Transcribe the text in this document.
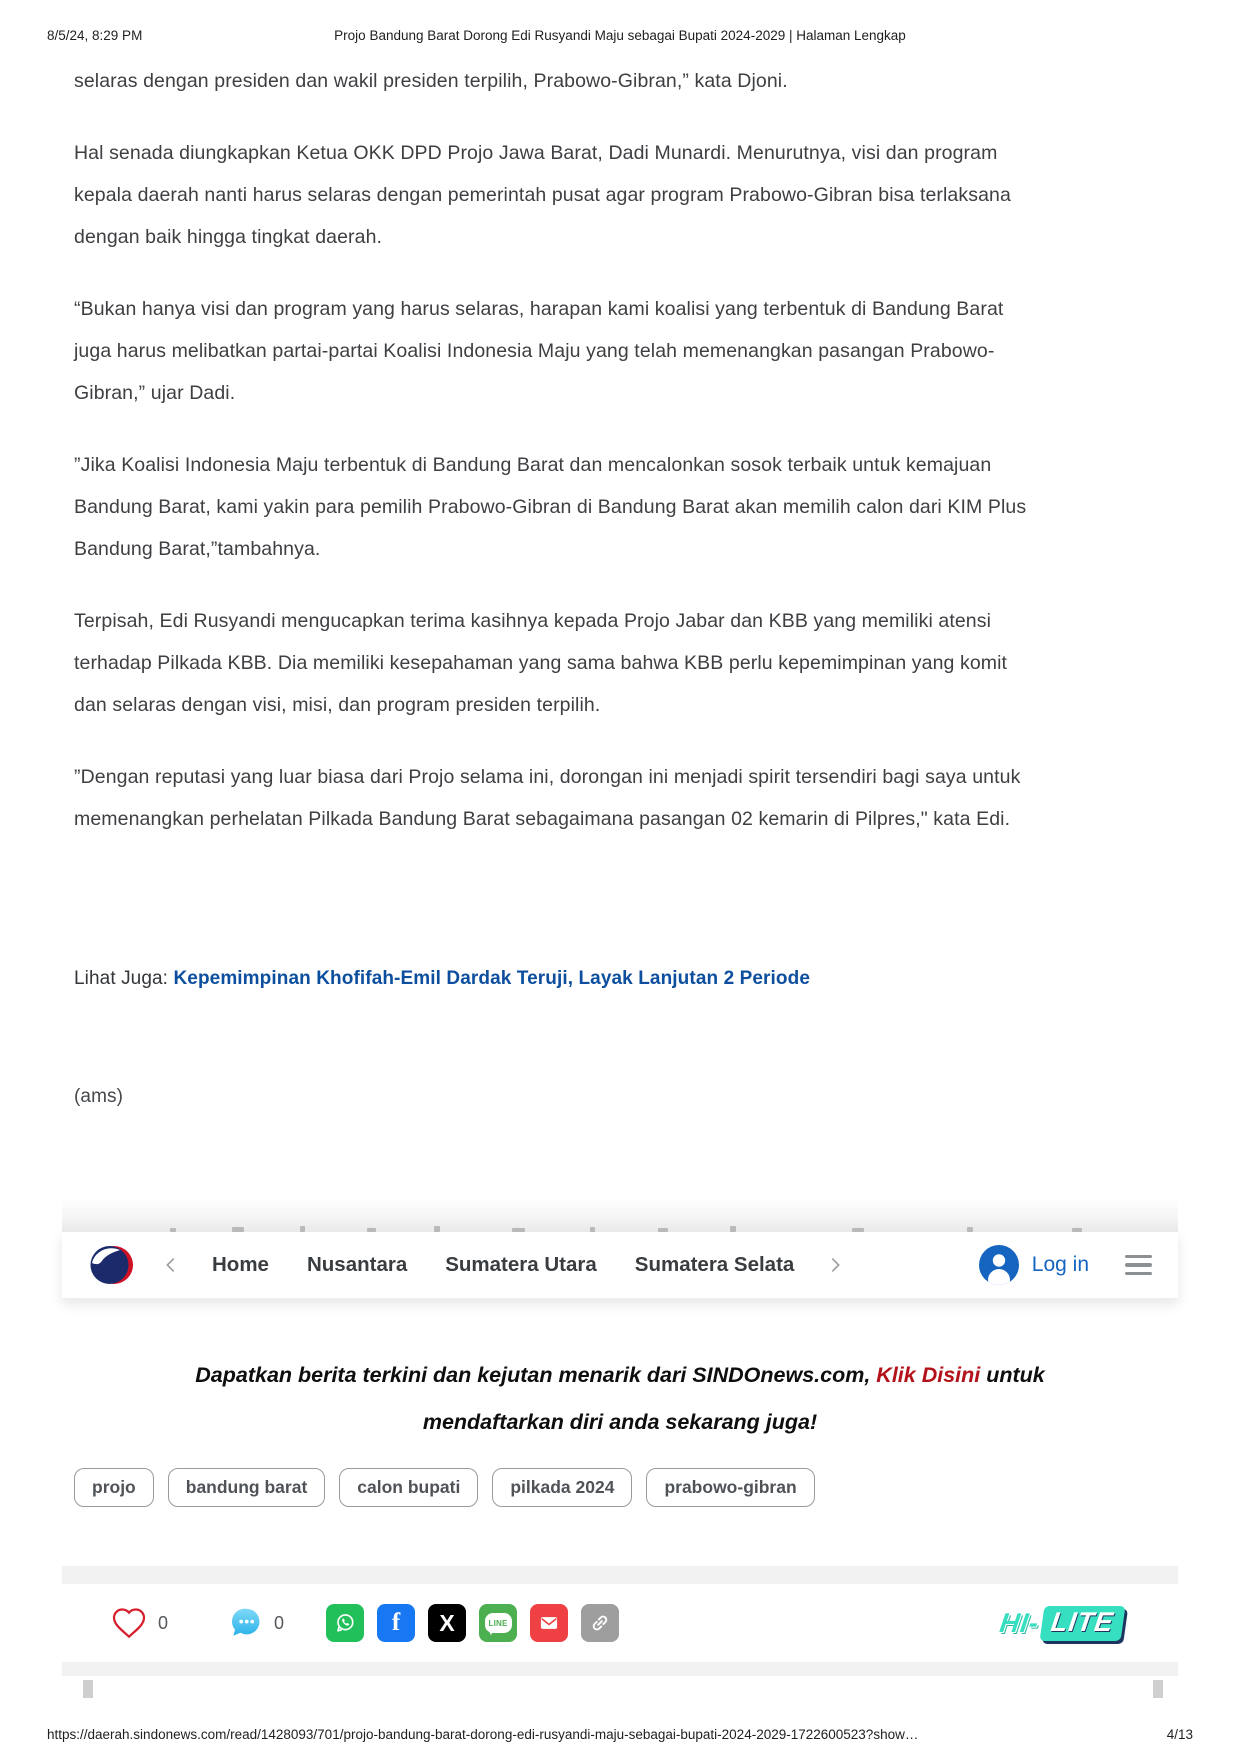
8/5/24, 8:29 PM	Projo Bandung Barat Dorong Edi Rusyandi Maju sebagai Bupati 2024-2029 | Halaman Lengkap

selaras dengan presiden dan wakil presiden terpilih, Prabowo-Gibran,” kata Djoni.

Hal senada diungkapkan Ketua OKK DPD Projo Jawa Barat, Dadi Munardi. Menurutnya, visi dan program kepala daerah nanti harus selaras dengan pemerintah pusat agar program Prabowo-Gibran bisa terlaksana dengan baik hingga tingkat daerah.

“Bukan hanya visi dan program yang harus selaras, harapan kami koalisi yang terbentuk di Bandung Barat juga harus melibatkan partai-partai Koalisi Indonesia Maju yang telah memenangkan pasangan Prabowo-Gibran,” ujar Dadi.

”Jika Koalisi Indonesia Maju terbentuk di Bandung Barat dan mencalonkan sosok terbaik untuk kemajuan Bandung Barat, kami yakin para pemilih Prabowo-Gibran di Bandung Barat akan memilih calon dari KIM Plus Bandung Barat,”tambahnya.

Terpisah, Edi Rusyandi mengucapkan terima kasihnya kepada Projo Jabar dan KBB yang memiliki atensi terhadap Pilkada KBB. Dia memiliki kesepahaman yang sama bahwa KBB perlu kepemimpinan yang komit dan selaras dengan visi, misi, dan program presiden terpilih.

”Dengan reputasi yang luar biasa dari Projo selama ini, dorongan ini menjadi spirit tersendiri bagi saya untuk memenangkan perhelatan Pilkada Bandung Barat sebagaimana pasangan 02 kemarin di Pilpres," kata Edi.

Lihat Juga: Kepemimpinan Khofifah-Emil Dardak Teruji, Layak Lanjutan 2 Periode
(ams)
Home Nusantara Sumatera Utara Sumatera Selata	Log in
Dapatkan berita terkini dan kejutan menarik dari SINDOnews.com, Klik Disini untuk mendaftarkan diri anda sekarang juga!
projo	bandung barat	calon bupati	pilkada 2024	prabowo-gibran
0	0	f X	LINE	HI- LITE
https://daerah.sindonews.com/read/1428093/701/projo-bandung-barat-dorong-edi-rusyandi-maju-sebagai-bupati-2024-2029-1722600523?show…	4/13
